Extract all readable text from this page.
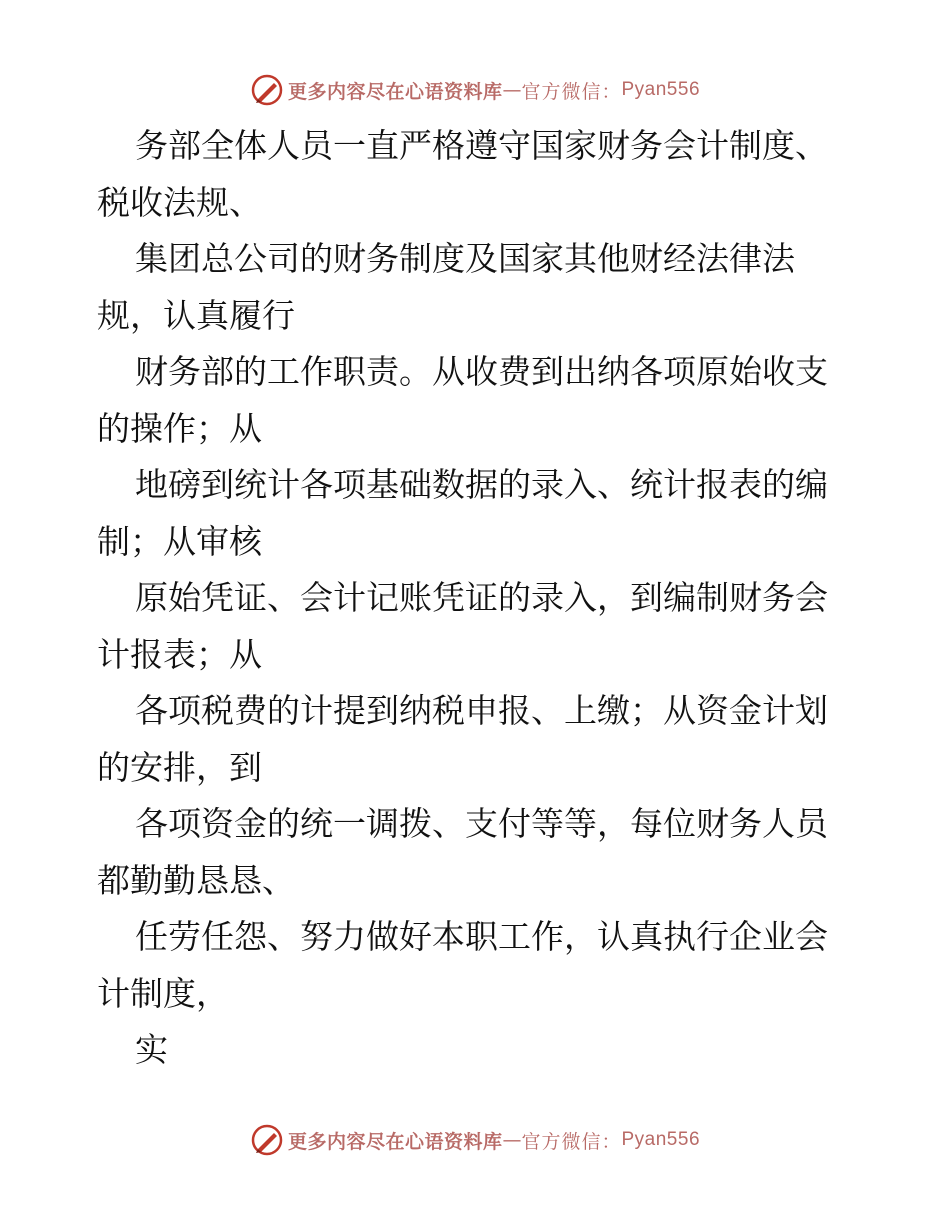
更多内容尽在心语资料库 — 官方微信： Pyan556
务部全体人员一直严格遵守国家财务会计制度、
税收法规、
集团总公司的财务制度及国家其他财经法律法
规，认真履行
财务部的工作职责。从收费到出纳各项原始收支
的操作；从
地磅到统计各项基础数据的录入、统计报表的编
制；从审核
原始凭证、会计记账凭证的录入，到编制财务会
计报表；从
各项税费的计提到纳税申报、上缴；从资金计划
的安排，到
各项资金的统一调拨、支付等等，每位财务人员
都勤勤恳恳、
任劳任怨、努力做好本职工作，认真执行企业会
计制度，
实
更多内容尽在心语资料库 — 官方微信： Pyan556
